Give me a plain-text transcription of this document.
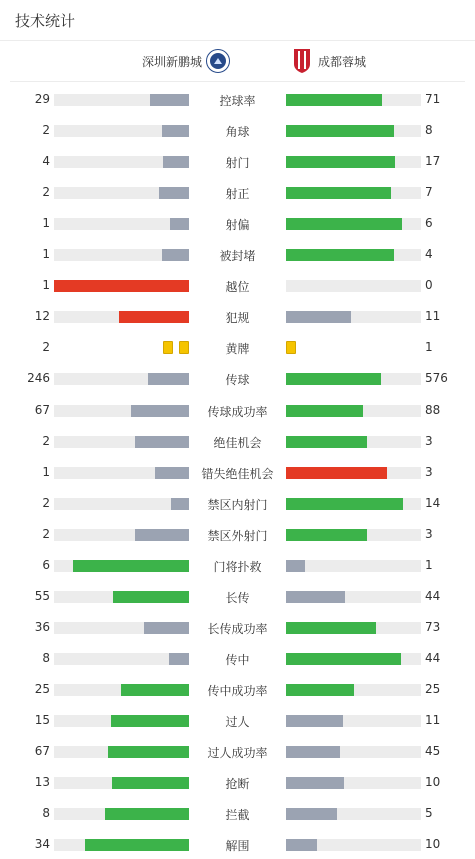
技术统计
深圳新鹏城	成都蓉城
29	控球率	71
2	角球	8
4	射门	17
2	射正	7
1	射偏	6
1	被封堵	4
1	越位	0
12	犯规	11
2	黄牌	1
246	传球	576
67	传球成功率	88
2	绝佳机会	3
1	错失绝佳机会	3
2	禁区内射门	14
2	禁区外射门	3
6	门将扑救	1
55	长传	44
36	长传成功率	73
8	传中	44
25	传中成功率	25
15	过人	11
67	过人成功率	45
13	抢断	10
8	拦截	5
34	解围	10
